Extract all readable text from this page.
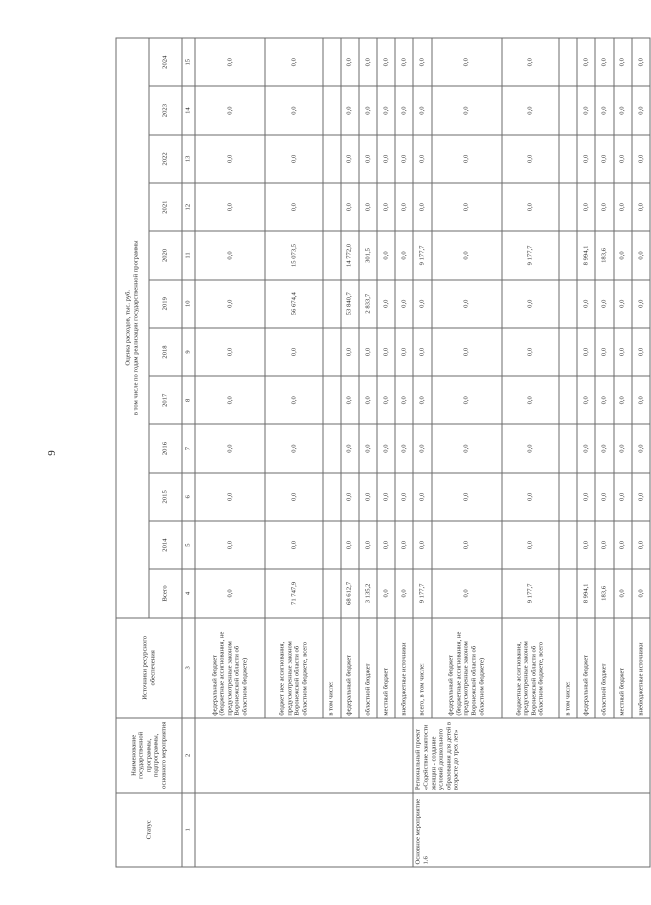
9
Статус	Наименование государственной программы, подпрограммы, основного мероприятия	Источники ресурсного обеспечения	Оценка расходов, тыс. руб. в том числе по годам реализации государственной программы											

			Всего	2014	2015	2016	2017	2018	2019	2020	2021	2022	2023	2024
1	2	3	4	5	6	7	8	9	10	11	12	13	14	15
		федеральный бюджет (бюджетные ассигнования, не предусмотренные законом Воронежской области об областном бюджете)	0,0	0,0	0,0	0,0	0,0	0,0	0,0	0,0	0,0	0,0	0,0	0,0
		бюджет нее ассигнования, предусмотренные законом Воронежской области об областном бюджете, всего	71 747,9	0,0	0,0	0,0	0,0	0,0	56 674,4	15 073,5	0,0	0,0	0,0	0,0
		в том числе:												
		федеральный бюджет	68 612,7	0,0	0,0	0,0	0,0	0,0	53 840,7	14 772,0	0,0	0,0	0,0	0,0
		областной бюджет	3 135,2	0,0	0,0	0,0	0,0	0,0	2 833,7	301,5	0,0	0,0	0,0	0,0
		местный бюджет	0,0	0,0	0,0	0,0	0,0	0,0	0,0	0,0	0,0	0,0	0,0	0,0
		внебюджетные источники	0,0	0,0	0,0	0,0	0,0	0,0	0,0	0,0	0,0	0,0	0,0	0,0
Основное мероприятие 1.6	Региональный проект «Содействие занятости женщин - создание условий дошкольного образования для детей в возрасте до трех лет»	всего, в том числе:	9 177,7	0,0	0,0	0,0	0,0	0,0	0,0	9 177,7	0,0	0,0	0,0	0,0
		федеральный бюджет (бюджетные ассигнования, не предусмотренные законом Воронежской области об областном бюджете)	0,0	0,0	0,0	0,0	0,0	0,0	0,0	0,0	0,0	0,0	0,0	0,0
		бюджетные ассигнования, предусмотренные законом Воронежской области об областном бюджете, всего	9 177,7	0,0	0,0	0,0	0,0	0,0	0,0	9 177,7	0,0	0,0	0,0	0,0
		в том числе:												
		федеральный бюджет	8 994,1	0,0	0,0	0,0	0,0	0,0	0,0	8 994,1	0,0	0,0	0,0	0,0
		областной бюджет	183,6	0,0	0,0	0,0	0,0	0,0	0,0	183,6	0,0	0,0	0,0	0,0
		местный бюджет	0,0	0,0	0,0	0,0	0,0	0,0	0,0	0,0	0,0	0,0	0,0	0,0
		внебюджетные источники	0,0	0,0	0,0	0,0	0,0	0,0	0,0	0,0	0,0	0,0	0,0	0,0
